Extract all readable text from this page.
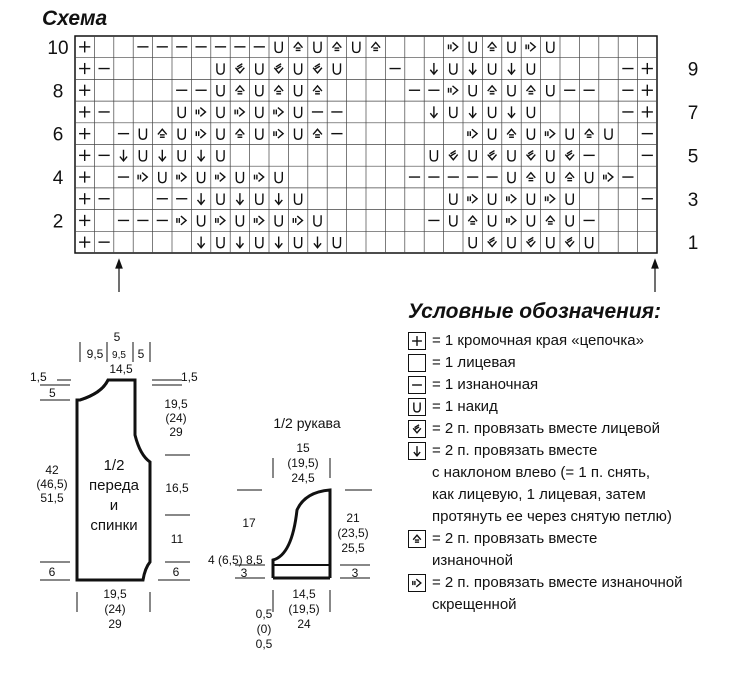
Схема
10
8
6
4
2
9
7
5
3
1
5
9,5 9,5 5
14,5
1,5
5
1,5
19,5
(24)
29
42
(46,5)
51,5
1/2
переда
и
спинки
16,5
11
6	6
19,5
(24)
29
1/2 рукава
15
(19,5)
24,5
17	21
(23,5)
25,5
4 (6,5) 8,5
3	3
14,5
(19,5)
24
0,5
(0)
0,5
Условные обозначения:
= 1 кромочная края «цепочка»
= 1 лицевая
= 1 изнаночная
= 1 накид
= 2 п. провязать вместе лицевой
= 2 п. провязать вместе
с наклоном влево (= 1 п. снять,
как лицевую, 1 лицевая, затем
протянуть ее через снятую петлю)
= 2 п. провязать вместе
изнаночной
= 2 п. провязать вместе изнаночной
скрещенной
